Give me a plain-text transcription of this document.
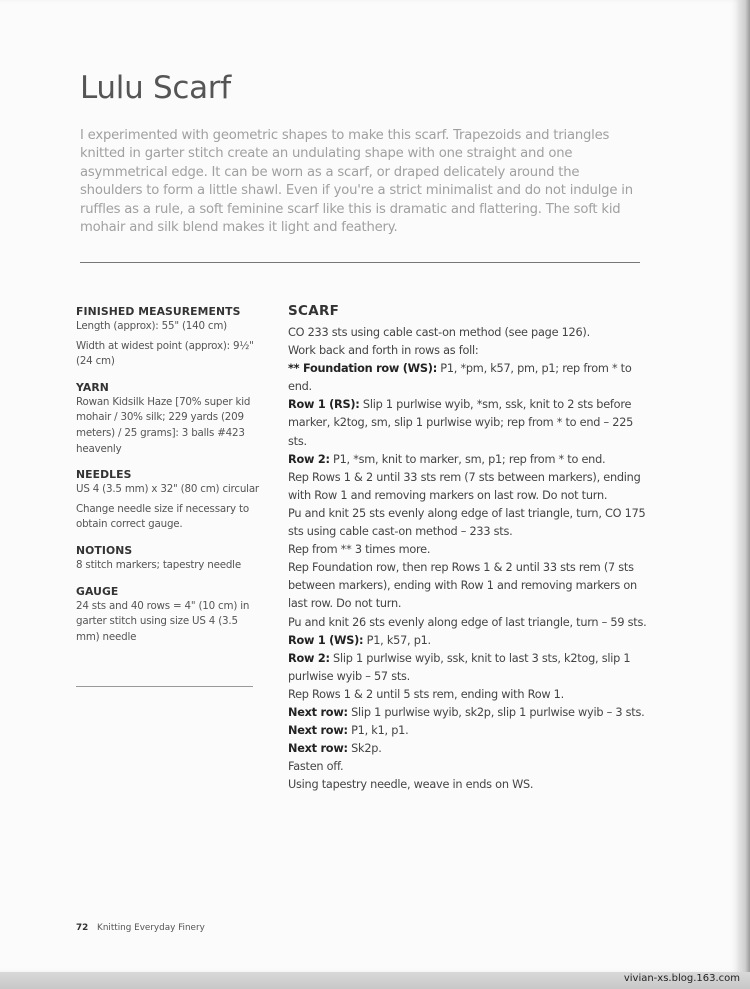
Lulu Scarf

I experimented with geometric shapes to make this scarf. Trapezoids and triangles knitted in garter stitch create an undulating shape with one straight and one asymmetrical edge. It can be worn as a scarf, or draped delicately around the shoulders to form a little shawl. Even if you're a strict minimalist and do not indulge in ruffles as a rule, a soft feminine scarf like this is dramatic and flattering. The soft kid mohair and silk blend makes it light and feathery.

FINISHED MEASUREMENTS

Length (approx): 55" (140 cm)

Width at widest point (approx): 9½" (24 cm)

YARN

Rowan Kidsilk Haze [70% super kid mohair / 30% silk; 229 yards (209 meters) / 25 grams]: 3 balls #423 heavenly

NEEDLES

US 4 (3.5 mm) x 32" (80 cm) circular

Change needle size if necessary to obtain correct gauge.

NOTIONS

8 stitch markers; tapestry needle

GAUGE

24 sts and 40 rows = 4" (10 cm) in garter stitch using size US 4 (3.5 mm) needle

SCARF

CO 233 sts using cable cast-on method (see page 126).

Work back and forth in rows as foll:

** Foundation row (WS): P1, *pm, k57, pm, p1; rep from * to end.

Row 1 (RS): Slip 1 purlwise wyib, *sm, ssk, knit to 2 sts before marker, k2tog, sm, slip 1 purlwise wyib; rep from * to end – 225 sts.

Row 2: P1, *sm, knit to marker, sm, p1; rep from * to end.

Rep Rows 1 & 2 until 33 sts rem (7 sts between markers), ending with Row 1 and removing markers on last row. Do not turn.

Pu and knit 25 sts evenly along edge of last triangle, turn, CO 175 sts using cable cast-on method – 233 sts.

Rep from ** 3 times more.

Rep Foundation row, then rep Rows 1 & 2 until 33 sts rem (7 sts between markers), ending with Row 1 and removing markers on last row. Do not turn.

Pu and knit 26 sts evenly along edge of last triangle, turn – 59 sts.

Row 1 (WS): P1, k57, p1.

Row 2: Slip 1 purlwise wyib, ssk, knit to last 3 sts, k2tog, slip 1 purlwise wyib – 57 sts.

Rep Rows 1 & 2 until 5 sts rem, ending with Row 1.

Next row: Slip 1 purlwise wyib, sk2p, slip 1 purlwise wyib – 3 sts.

Next row: P1, k1, p1.

Next row: Sk2p.

Fasten off.

Using tapestry needle, weave in ends on WS.

72 Knitting Everyday Finery
vivian-xs.blog.163.com
